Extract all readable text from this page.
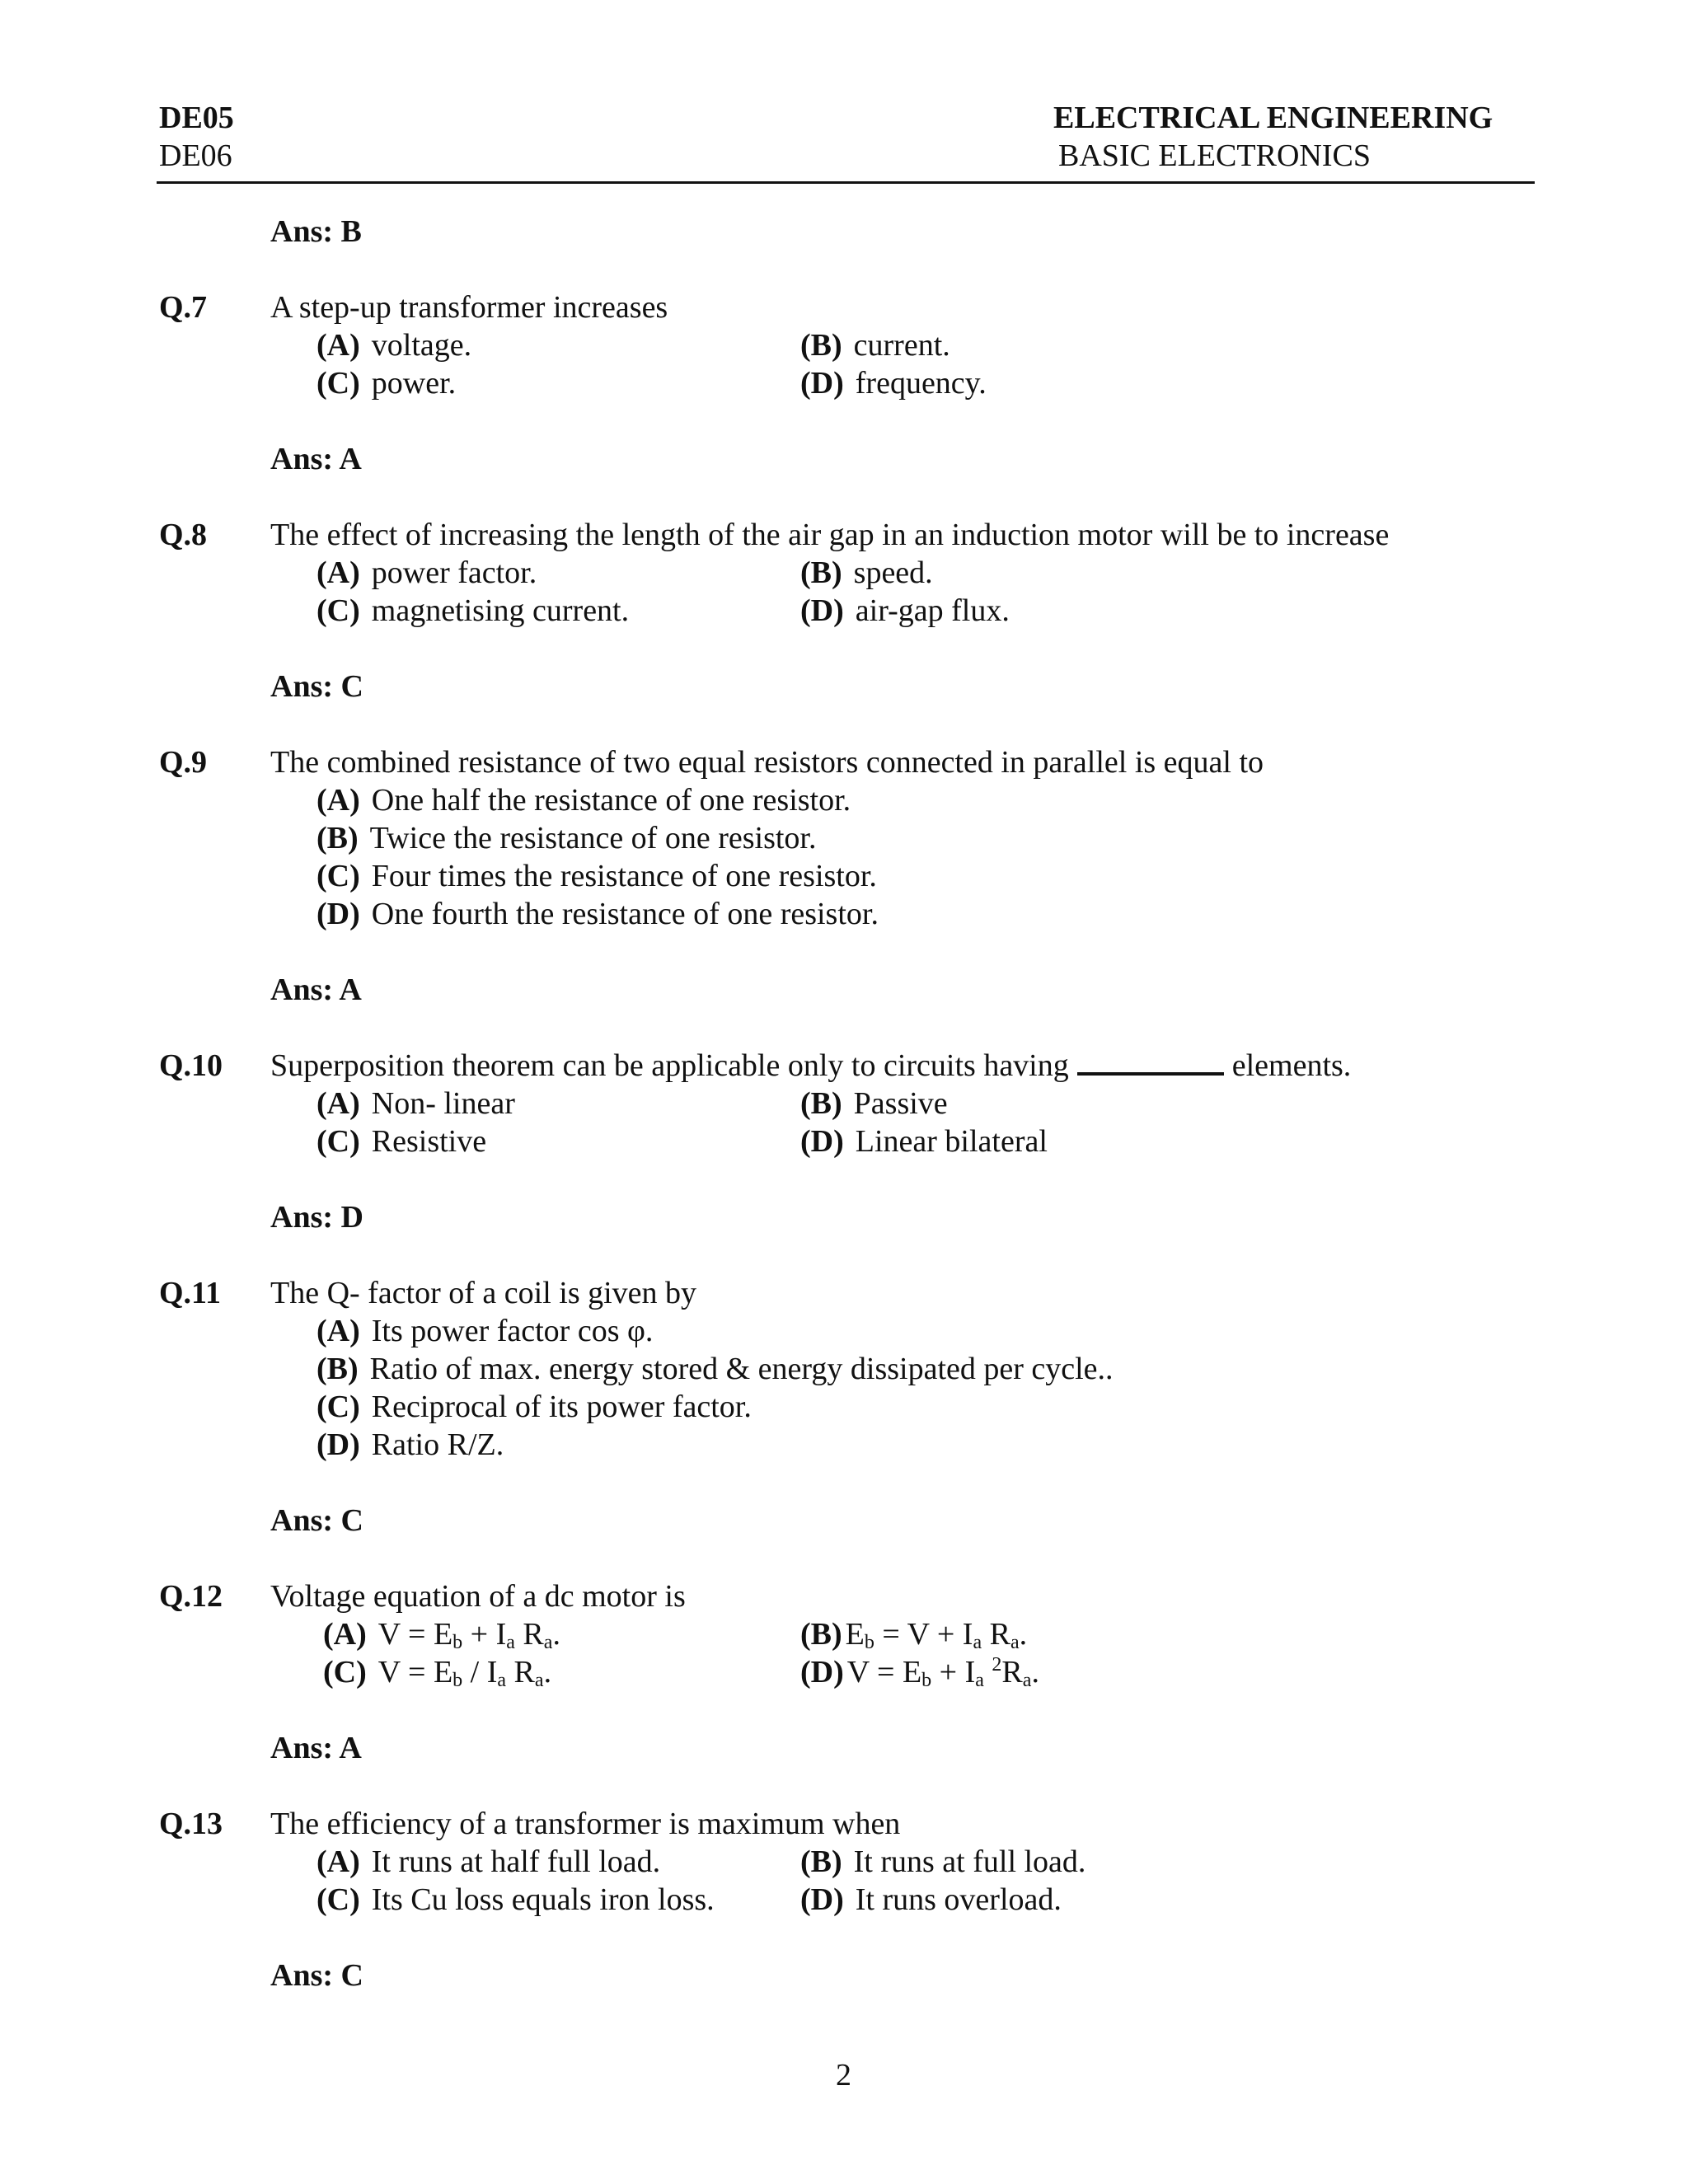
DE05
DE06
ELECTRICAL ENGINEERING
BASIC ELECTRONICS
Ans: B
Q.7 A step-up transformer increases
(A) voltage.	(B) current.
(C) power.	(D) frequency.
Ans: A
Q.8 The effect of increasing the length of the air gap in an induction motor will be to increase
(A) power factor.	(B) speed.
(C) magnetising current.	(D) air-gap flux.
Ans: C
Q.9 The combined resistance of two equal resistors connected in parallel is equal to
(A) One half the resistance of one resistor.
(B) Twice the resistance of one resistor.
(C) Four times the resistance of one resistor.
(D) One fourth the resistance of one resistor.
Ans: A
Q.10 Superposition theorem can be applicable only to circuits having	elements.
(A) Non- linear	(B) Passive
(C) Resistive	(D) Linear bilateral
Ans: D
Q.11 The Q- factor of a coil is given by
(A) Its power factor cos φ.
(B) Ratio of max. energy stored & energy dissipated per cycle..
(C) Reciprocal of its power factor.
(D) Ratio R/Z.
Ans: C
Q.12 Voltage equation of a dc motor is
(A) $V = E_b + I_a$ $R_a$.	(B) $E_b = V + I_a$ $R_a$.
(C) $V = E_b / I_a$ $R_a$.	(D) $V = E_b + I_a$ $^2R_a$.
Ans: A
Q.13 The efficiency of a transformer is maximum when
(A) It runs at half full load.	(B) It runs at full load.
(C) Its Cu loss equals iron loss.	(D) It runs overload.
Ans: C
2
